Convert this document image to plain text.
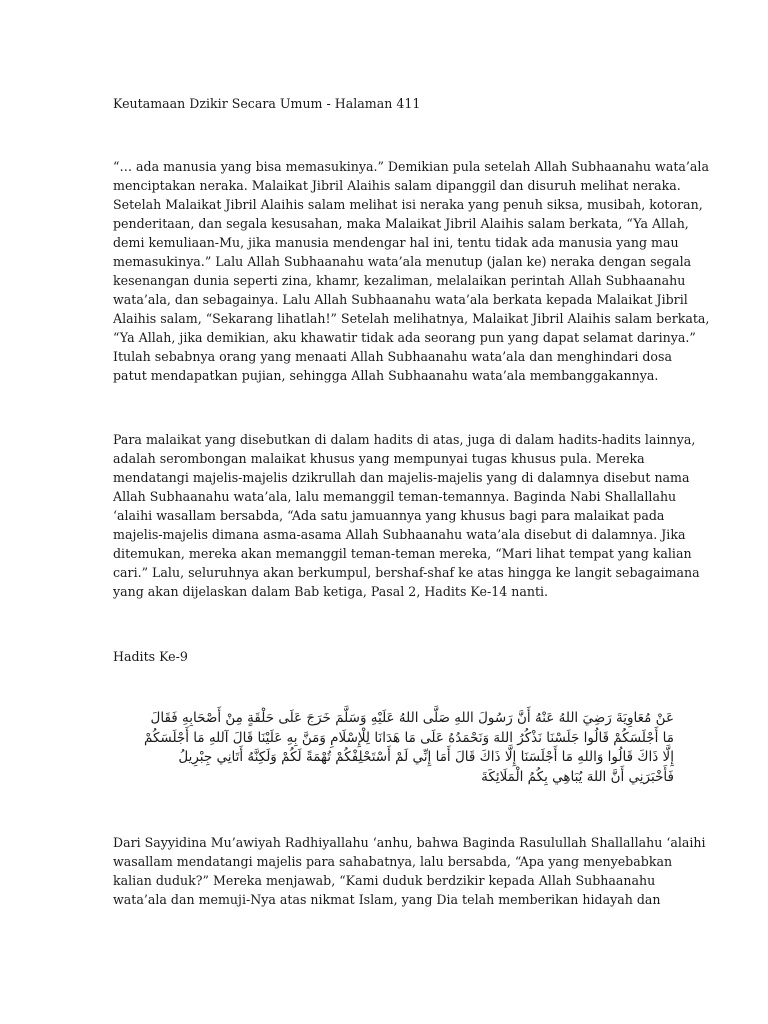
Keutamaan Dzikir Secara Umum - Halaman 411
“… ada manusia yang bisa memasukinya.” Demikian pula setelah Allah Subhaanahu wata’ala
menciptakan neraka. Malaikat Jibril Alaihis salam dipanggil dan disuruh melihat neraka.
Setelah Malaikat Jibril Alaihis salam melihat isi neraka yang penuh siksa, musibah, kotoran,
penderitaan, dan segala kesusahan, maka Malaikat Jibril Alaihis salam berkata, “Ya Allah,
demi kemuliaan-Mu, jika manusia mendengar hal ini, tentu tidak ada manusia yang mau
memasukinya.” Lalu Allah Subhaanahu wata’ala menutup (jalan ke) neraka dengan segala
kesenangan dunia seperti zina, khamr, kezaliman, melalaikan perintah Allah Subhaanahu
wata’ala, dan sebagainya. Lalu Allah Subhaanahu wata’ala berkata kepada Malaikat Jibril
Alaihis salam, “Sekarang lihatlah!” Setelah melihatnya, Malaikat Jibril Alaihis salam berkata,
“Ya Allah, jika demikian, aku khawatir tidak ada seorang pun yang dapat selamat darinya.”
Itulah sebabnya orang yang menaati Allah Subhaanahu wata’ala dan menghindari dosa
patut mendapatkan pujian, sehingga Allah Subhaanahu wata’ala membanggakannya.
Para malaikat yang disebutkan di dalam hadits di atas, juga di dalam hadits-hadits lainnya,
adalah serombongan malaikat khusus yang mempunyai tugas khusus pula. Mereka
mendatangi majelis-majelis dzikrullah dan majelis-majelis yang di dalamnya disebut nama
Allah Subhaanahu wata’ala, lalu memanggil teman-temannya. Baginda Nabi Shallallahu
‘alaihi wasallam bersabda, “Ada satu jamuannya yang khusus bagi para malaikat pada
majelis-majelis dimana asma-asama Allah Subhaanahu wata’ala disebut di dalamnya. Jika
ditemukan, mereka akan memanggil teman-teman mereka, “Mari lihat tempat yang kalian
cari.” Lalu, seluruhnya akan berkumpul, bershaf-shaf ke atas hingga ke langit sebagaimana
yang akan dijelaskan dalam Bab ketiga, Pasal 2, Hadits Ke-14 nanti.
Hadits Ke-9
عَنْ مُعَاوِيَةَ رَضِيَ اللهُ عَنْهُ أَنَّ رَسُولَ اللهِ صَلَّى اللهُ عَلَيْهِ وَسَلَّمَ خَرَجَ عَلَى حَلْقَةٍ مِنْ أَصْحَابِهِ فَقَالَ
مَا أَجْلَسَكُمْ قَالُوا جَلَسْنَا نَذْكُرُ اللهَ وَنَحْمَدُهُ عَلَى مَا هَدَانَا لِلْإِسْلَامِ وَمَنَّ بِهِ عَلَيْنَا قَالَ آللهِ مَا أَجْلَسَكُمْ
إِلَّا ذَاكَ قَالُوا وَاللهِ مَا أَجْلَسَنَا إِلَّا ذَاكَ قَالَ أَمَا إِنِّي لَمْ أَسْتَحْلِفْكُمْ تُهْمَةً لَكُمْ وَلَكِنَّهُ أَتَانِي جِبْرِيلُ
فَأَخْبَرَنِي أَنَّ اللهَ يُبَاهِي بِكُمُ الْمَلَائِكَةَ
Dari Sayyidina Mu’awiyah Radhiyallahu ‘anhu, bahwa Baginda Rasulullah Shallallahu ‘alaihi
wasallam mendatangi majelis para sahabatnya, lalu bersabda, “Apa yang menyebabkan
kalian duduk?” Mereka menjawab, “Kami duduk berdzikir kepada Allah Subhaanahu
wata’ala dan memuji-Nya atas nikmat Islam, yang Dia telah memberikan hidayah dan
